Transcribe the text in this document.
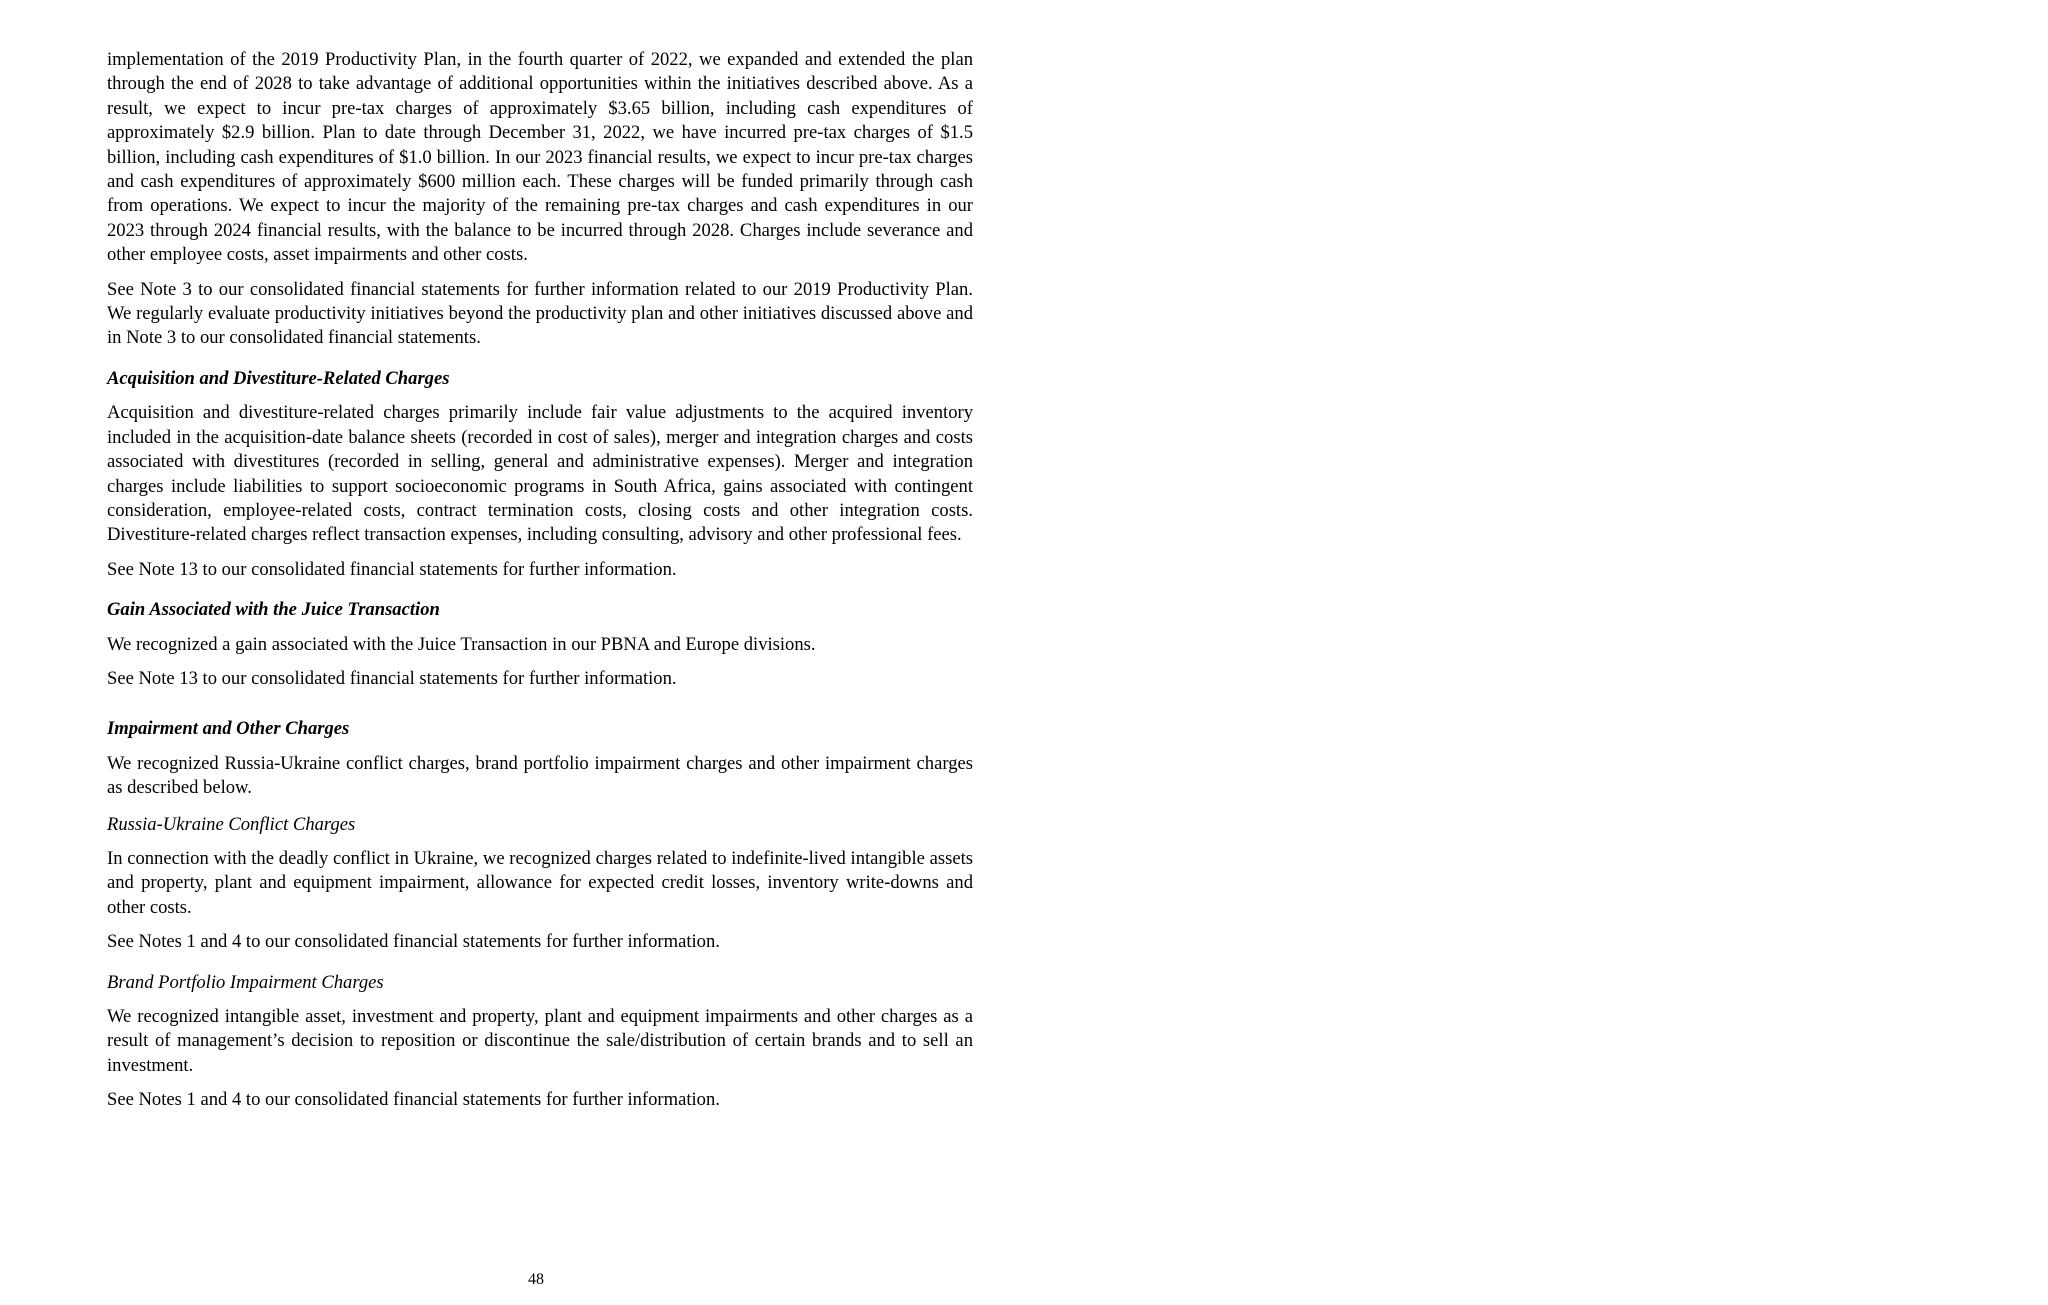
implementation of the 2019 Productivity Plan, in the fourth quarter of 2022, we expanded and extended the plan through the end of 2028 to take advantage of additional opportunities within the initiatives described above. As a result, we expect to incur pre-tax charges of approximately $3.65 billion, including cash expenditures of approximately $2.9 billion. Plan to date through December 31, 2022, we have incurred pre-tax charges of $1.5 billion, including cash expenditures of $1.0 billion. In our 2023 financial results, we expect to incur pre-tax charges and cash expenditures of approximately $600 million each. These charges will be funded primarily through cash from operations. We expect to incur the majority of the remaining pre-tax charges and cash expenditures in our 2023 through 2024 financial results, with the balance to be incurred through 2028. Charges include severance and other employee costs, asset impairments and other costs.

See Note 3 to our consolidated financial statements for further information related to our 2019 Productivity Plan. We regularly evaluate productivity initiatives beyond the productivity plan and other initiatives discussed above and in Note 3 to our consolidated financial statements.

Acquisition and Divestiture-Related Charges

Acquisition and divestiture-related charges primarily include fair value adjustments to the acquired inventory included in the acquisition-date balance sheets (recorded in cost of sales), merger and integration charges and costs associated with divestitures (recorded in selling, general and administrative expenses). Merger and integration charges include liabilities to support socioeconomic programs in South Africa, gains associated with contingent consideration, employee-related costs, contract termination costs, closing costs and other integration costs. Divestiture-related charges reflect transaction expenses, including consulting, advisory and other professional fees.

See Note 13 to our consolidated financial statements for further information.

Gain Associated with the Juice Transaction

We recognized a gain associated with the Juice Transaction in our PBNA and Europe divisions.

See Note 13 to our consolidated financial statements for further information.

Impairment and Other Charges

We recognized Russia-Ukraine conflict charges, brand portfolio impairment charges and other impairment charges as described below.

Russia-Ukraine Conflict Charges

In connection with the deadly conflict in Ukraine, we recognized charges related to indefinite-lived intangible assets and property, plant and equipment impairment, allowance for expected credit losses, inventory write-downs and other costs.

See Notes 1 and 4 to our consolidated financial statements for further information.

Brand Portfolio Impairment Charges

We recognized intangible asset, investment and property, plant and equipment impairments and other charges as a result of management’s decision to reposition or discontinue the sale/distribution of certain brands and to sell an investment.

See Notes 1 and 4 to our consolidated financial statements for further information.

48
